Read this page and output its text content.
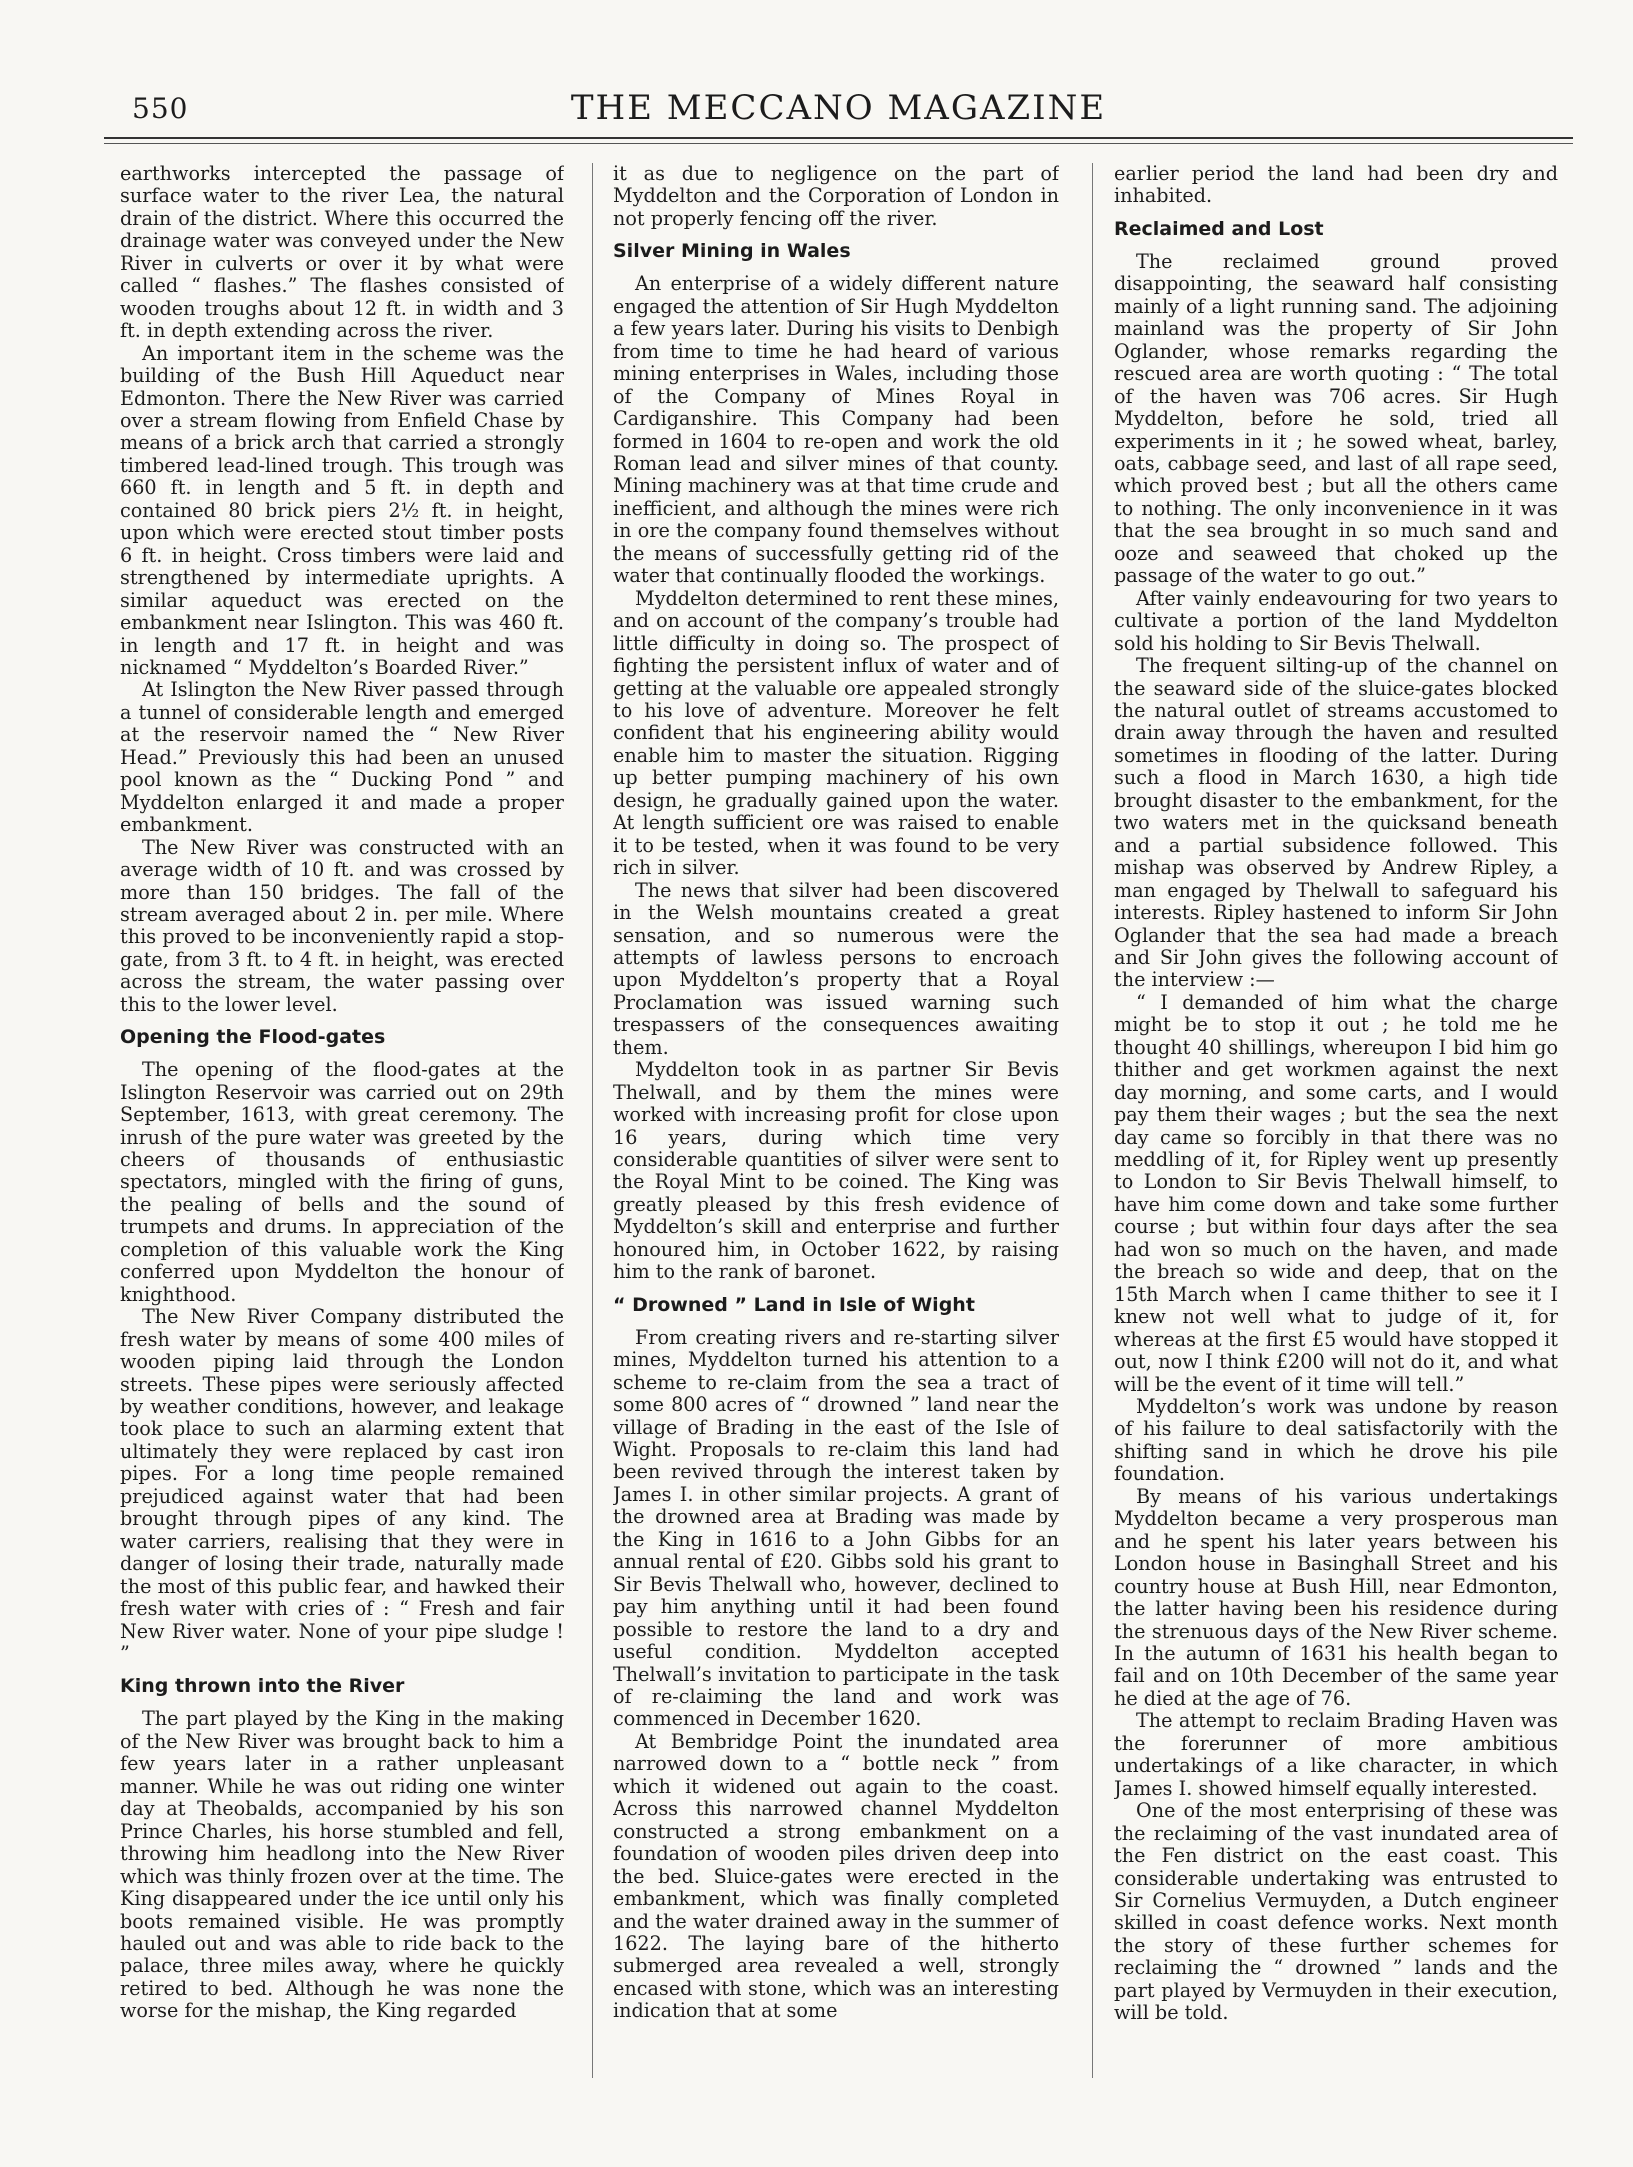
550	THE MECCANO MAGAZINE

earthworks intercepted the passage of surface water to the river Lea, the natural drain of the district. Where this occurred the drainage water was conveyed under the New River in culverts or over it by what were called “ flashes.” The flashes consisted of wooden troughs about 12 ft. in width and 3 ft. in depth extending across the river.

An important item in the scheme was the building of the Bush Hill Aqueduct near Edmonton. There the New River was carried over a stream flowing from Enfield Chase by means of a brick arch that carried a strongly timbered lead-lined trough. This trough was 660 ft. in length and 5 ft. in depth and contained 80 brick piers 2½ ft. in height, upon which were erected stout timber posts 6 ft. in height. Cross timbers were laid and strengthened by intermediate uprights. A similar aqueduct was erected on the embankment near Islington. This was 460 ft. in length and 17 ft. in height and was nicknamed “ Myddelton’s Boarded River.”

At Islington the New River passed through a tunnel of considerable length and emerged at the reservoir named the “ New River Head.” Previously this had been an unused pool known as the “ Ducking Pond ” and Myddelton enlarged it and made a proper embankment.

The New River was constructed with an average width of 10 ft. and was crossed by more than 150 bridges. The fall of the stream averaged about 2 in. per mile. Where this proved to be inconveniently rapid a stop-gate, from 3 ft. to 4 ft. in height, was erected across the stream, the water passing over this to the lower level.

Opening the Flood-gates

The opening of the flood-gates at the Islington Reservoir was carried out on 29th September, 1613, with great ceremony. The inrush of the pure water was greeted by the cheers of thousands of enthusiastic spectators, mingled with the firing of guns, the pealing of bells and the sound of trumpets and drums. In appreciation of the completion of this valuable work the King conferred upon Myddelton the honour of knighthood.

The New River Company distributed the fresh water by means of some 400 miles of wooden piping laid through the London streets. These pipes were seriously affected by weather conditions, however, and leakage took place to such an alarming extent that ultimately they were replaced by cast iron pipes. For a long time people remained prejudiced against water that had been brought through pipes of any kind. The water carriers, realising that they were in danger of losing their trade, naturally made the most of this public fear, and hawked their fresh water with cries of : “ Fresh and fair New River water. None of your pipe sludge ! ”

King thrown into the River

The part played by the King in the making of the New River was brought back to him a few years later in a rather unpleasant manner. While he was out riding one winter day at Theobalds, accompanied by his son Prince Charles, his horse stumbled and fell, throwing him headlong into the New River which was thinly frozen over at the time. The King disappeared under the ice until only his boots remained visible. He was promptly hauled out and was able to ride back to the palace, three miles away, where he quickly retired to bed. Although he was none the worse for the mishap, the King regarded

it as due to negligence on the part of Myddelton and the Corporation of London in not properly fencing off the river.

Silver Mining in Wales

An enterprise of a widely different nature engaged the attention of Sir Hugh Myddelton a few years later. During his visits to Denbigh from time to time he had heard of various mining enterprises in Wales, including those of the Company of Mines Royal in Cardiganshire. This Company had been formed in 1604 to re-open and work the old Roman lead and silver mines of that county. Mining machinery was at that time crude and inefficient, and although the mines were rich in ore the company found themselves without the means of successfully getting rid of the water that continually flooded the workings.

Myddelton determined to rent these mines, and on account of the company’s trouble had little difficulty in doing so. The prospect of fighting the persistent influx of water and of getting at the valuable ore appealed strongly to his love of adventure. Moreover he felt confident that his engineering ability would enable him to master the situation. Rigging up better pumping machinery of his own design, he gradually gained upon the water. At length sufficient ore was raised to enable it to be tested, when it was found to be very rich in silver.

The news that silver had been discovered in the Welsh mountains created a great sensation, and so numerous were the attempts of lawless persons to encroach upon Myddelton’s property that a Royal Proclamation was issued warning such trespassers of the consequences awaiting them.

Myddelton took in as partner Sir Bevis Thelwall, and by them the mines were worked with increasing profit for close upon 16 years, during which time very considerable quantities of silver were sent to the Royal Mint to be coined. The King was greatly pleased by this fresh evidence of Myddelton’s skill and enterprise and further honoured him, in October 1622, by raising him to the rank of baronet.

“ Drowned ” Land in Isle of Wight

From creating rivers and re-starting silver mines, Myddelton turned his attention to a scheme to re-claim from the sea a tract of some 800 acres of “ drowned ” land near the village of Brading in the east of the Isle of Wight. Proposals to re-claim this land had been revived through the interest taken by James I. in other similar projects. A grant of the drowned area at Brading was made by the King in 1616 to a John Gibbs for an annual rental of £20. Gibbs sold his grant to Sir Bevis Thelwall who, however, declined to pay him anything until it had been found possible to restore the land to a dry and useful condition. Myddelton accepted Thelwall’s invitation to participate in the task of re-claiming the land and work was commenced in December 1620.

At Bembridge Point the inundated area narrowed down to a “ bottle neck ” from which it widened out again to the coast. Across this narrowed channel Myddelton constructed a strong embankment on a foundation of wooden piles driven deep into the bed. Sluice-gates were erected in the embankment, which was finally completed and the water drained away in the summer of 1622. The laying bare of the hitherto submerged area revealed a well, strongly encased with stone, which was an interesting indication that at some

earlier period the land had been dry and inhabited.

Reclaimed and Lost

The reclaimed ground proved disappointing, the seaward half consisting mainly of a light running sand. The adjoining mainland was the property of Sir John Oglander, whose remarks regarding the rescued area are worth quoting : “ The total of the haven was 706 acres. Sir Hugh Myddelton, before he sold, tried all experiments in it ; he sowed wheat, barley, oats, cabbage seed, and last of all rape seed, which proved best ; but all the others came to nothing. The only inconvenience in it was that the sea brought in so much sand and ooze and seaweed that choked up the passage of the water to go out.”

After vainly endeavouring for two years to cultivate a portion of the land Myddelton sold his holding to Sir Bevis Thelwall.

The frequent silting-up of the channel on the seaward side of the sluice-gates blocked the natural outlet of streams accustomed to drain away through the haven and resulted sometimes in flooding of the latter. During such a flood in March 1630, a high tide brought disaster to the embankment, for the two waters met in the quicksand beneath and a partial subsidence followed. This mishap was observed by Andrew Ripley, a man engaged by Thelwall to safeguard his interests. Ripley hastened to inform Sir John Oglander that the sea had made a breach and Sir John gives the following account of the interview :—

“ I demanded of him what the charge might be to stop it out ; he told me he thought 40 shillings, whereupon I bid him go thither and get workmen against the next day morning, and some carts, and I would pay them their wages ; but the sea the next day came so forcibly in that there was no meddling of it, for Ripley went up presently to London to Sir Bevis Thelwall himself, to have him come down and take some further course ; but within four days after the sea had won so much on the haven, and made the breach so wide and deep, that on the 15th March when I came thither to see it I knew not well what to judge of it, for whereas at the first £5 would have stopped it out, now I think £200 will not do it, and what will be the event of it time will tell.”

Myddelton’s work was undone by reason of his failure to deal satisfactorily with the shifting sand in which he drove his pile foundation.

By means of his various undertakings Myddelton became a very prosperous man and he spent his later years between his London house in Basinghall Street and his country house at Bush Hill, near Edmonton, the latter having been his residence during the strenuous days of the New River scheme. In the autumn of 1631 his health began to fail and on 10th December of the same year he died at the age of 76.

The attempt to reclaim Brading Haven was the forerunner of more ambitious undertakings of a like character, in which James I. showed himself equally interested.

One of the most enterprising of these was the reclaiming of the vast inundated area of the Fen district on the east coast. This considerable undertaking was entrusted to Sir Cornelius Vermuyden, a Dutch engineer skilled in coast defence works. Next month the story of these further schemes for reclaiming the “ drowned ” lands and the part played by Vermuyden in their execution, will be told.
